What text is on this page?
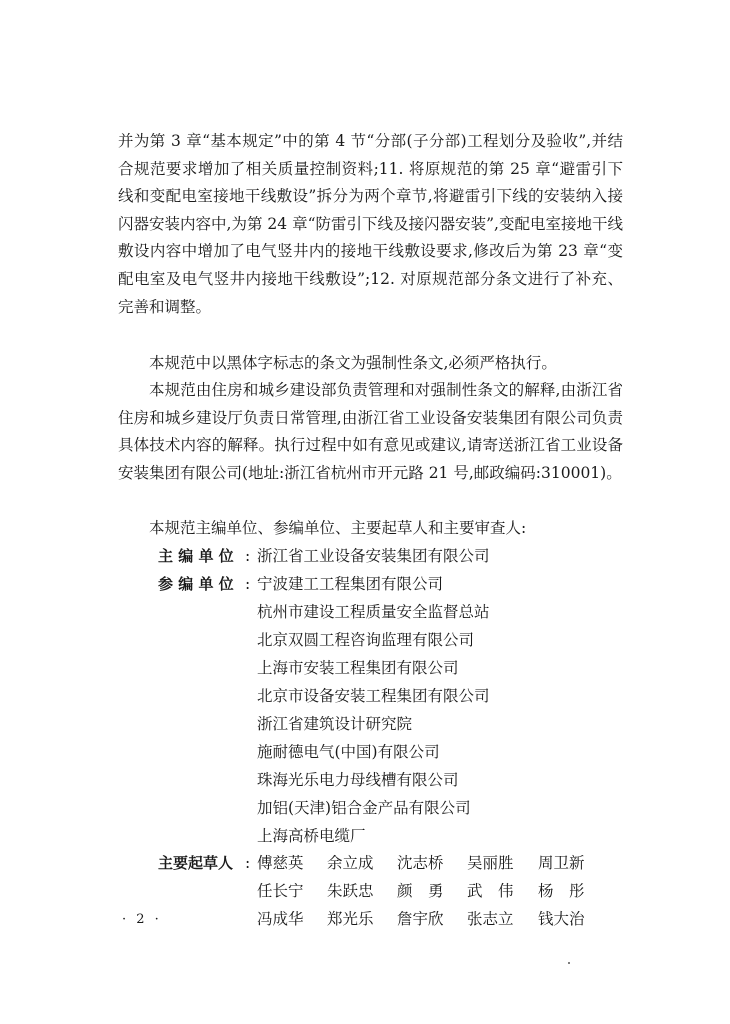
并为第 3 章“基本规定”中的第 4 节“分部(子分部)工程划分及验收”,并结合规范要求增加了相关质量控制资料;11. 将原规范的第 25 章“避雷引下线和变配电室接地干线敷设”拆分为两个章节,将避雷引下线的安装纳入接闪器安装内容中,为第 24 章“防雷引下线及接闪器安装”,变配电室接地干线敷设内容中增加了电气竖井内的接地干线敷设要求,修改后为第 23 章“变配电室及电气竖井内接地干线敷设”;12. 对原规范部分条文进行了补充、完善和调整。

本规范中以黑体字标志的条文为强制性条文,必须严格执行。

本规范由住房和城乡建设部负责管理和对强制性条文的解释,由浙江省住房和城乡建设厅负责日常管理,由浙江省工业设备安装集团有限公司负责具体技术内容的解释。执行过程中如有意见或建议,请寄送浙江省工业设备安装集团有限公司(地址:浙江省杭州市开元路 21 号,邮政编码:310001)。

本规范主编单位、参编单位、主要起草人和主要审查人:

主 编 单 位 : 浙江省工业设备安装集团有限公司
参 编 单 位 : 宁波建工工程集团有限公司
杭州市建设工程质量安全监督总站
北京双圆工程咨询监理有限公司
上海市安装工程集团有限公司
北京市设备安装工程集团有限公司
浙江省建筑设计研究院
施耐德电气(中国)有限公司
珠海光乐电力母线槽有限公司
加铝(天津)铝合金产品有限公司
上海高桥电缆厂
主要起草人 : 傅慈英	余立成	沈志桥	吴丽胜	周卫新
任长宁	朱跃忠	颜　勇	武　伟	杨　彤
冯成华	郑光乐	詹宇欣	张志立	钱大治
· 2 ·
